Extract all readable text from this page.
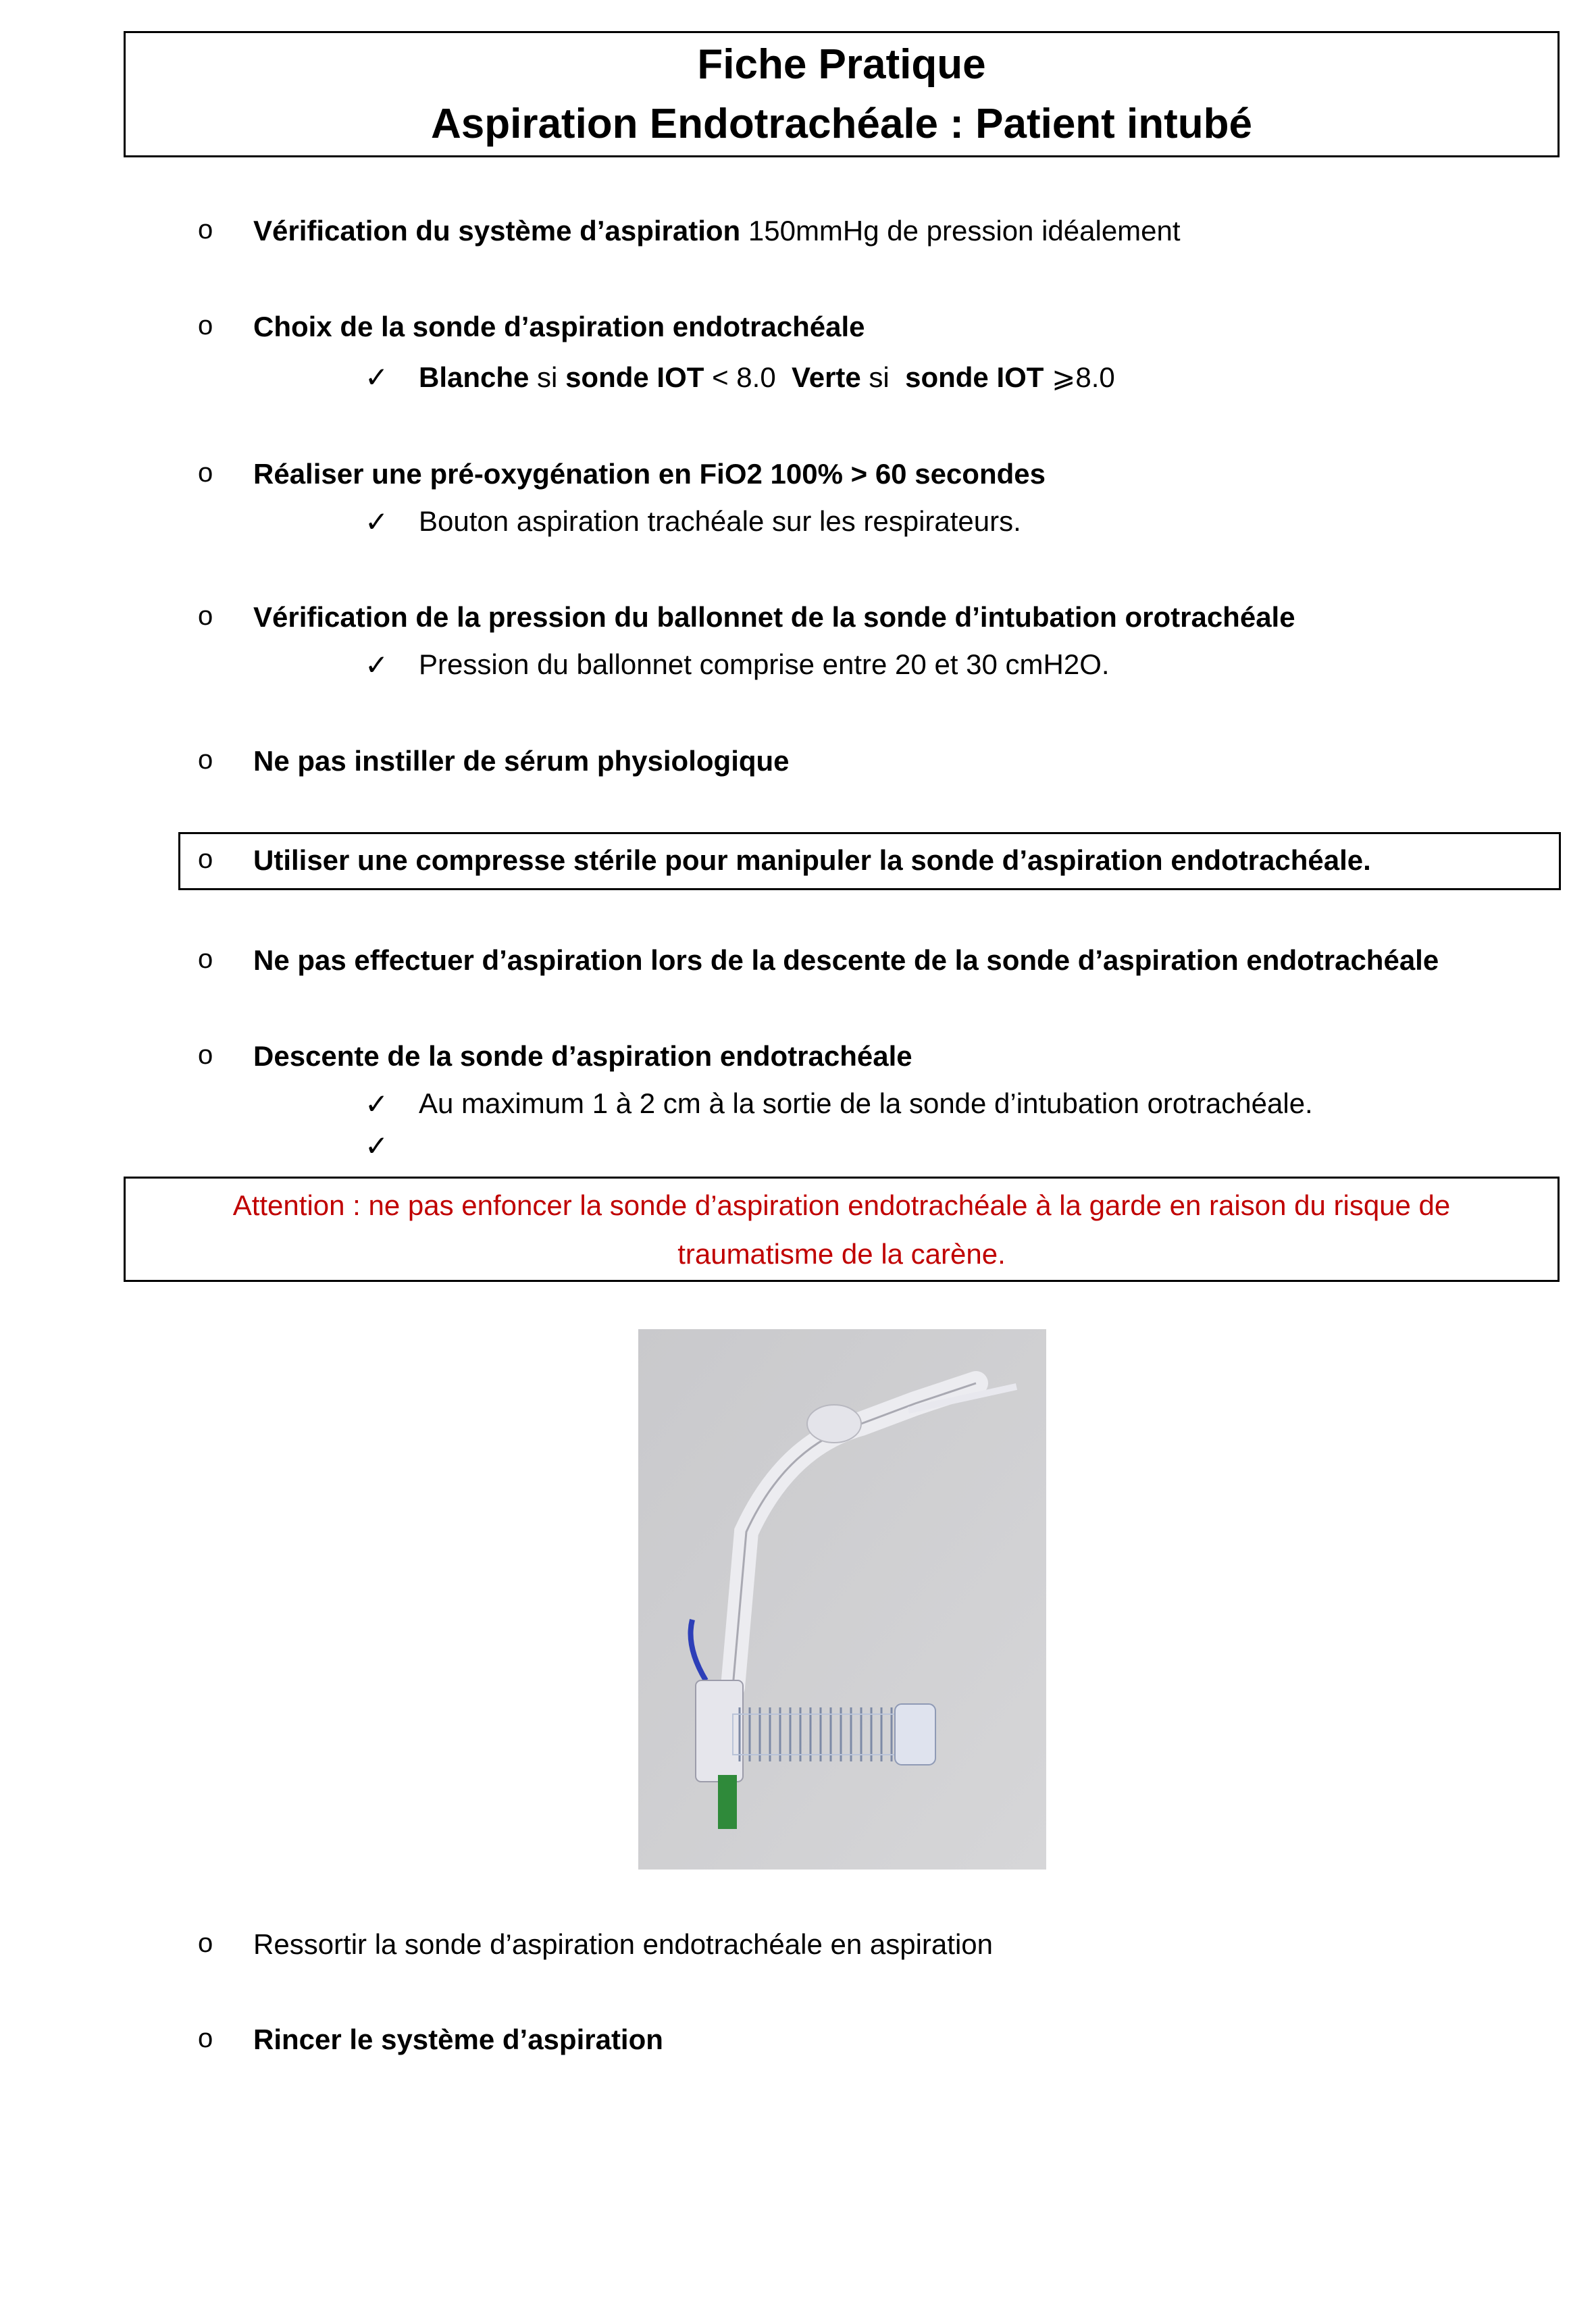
Fiche Pratique
Aspiration Endotrachéale : Patient intubé
o Vérification du système d’aspiration 150mmHg de pression idéalement
o Choix de la sonde d’aspiration endotrachéale
✓ Blanche si sonde IOT < 8.0  Verte si  sonde IOT ⩾8.0
o Réaliser une pré-oxygénation en FiO2 100% > 60 secondes
✓ Bouton aspiration trachéale sur les respirateurs.
o Vérification de la pression du ballonnet de la sonde d’intubation orotrachéale
✓ Pression du ballonnet comprise entre 20 et 30 cmH2O.
o Ne pas instiller de sérum physiologique
o Utiliser une compresse stérile pour manipuler la sonde d’aspiration endotrachéale.
o Ne pas effectuer d’aspiration lors de la descente de la sonde d’aspiration endotrachéale
o Descente de la sonde d’aspiration endotrachéale
✓ Au maximum 1 à 2 cm à la sortie de la sonde d’intubation orotrachéale.
✓
Attention : ne pas enfoncer la sonde d’aspiration endotrachéale à la garde en raison du risque de
traumatisme de la carène.
o Ressortir la sonde d’aspiration endotrachéale en aspiration
o Rincer le système d’aspiration
